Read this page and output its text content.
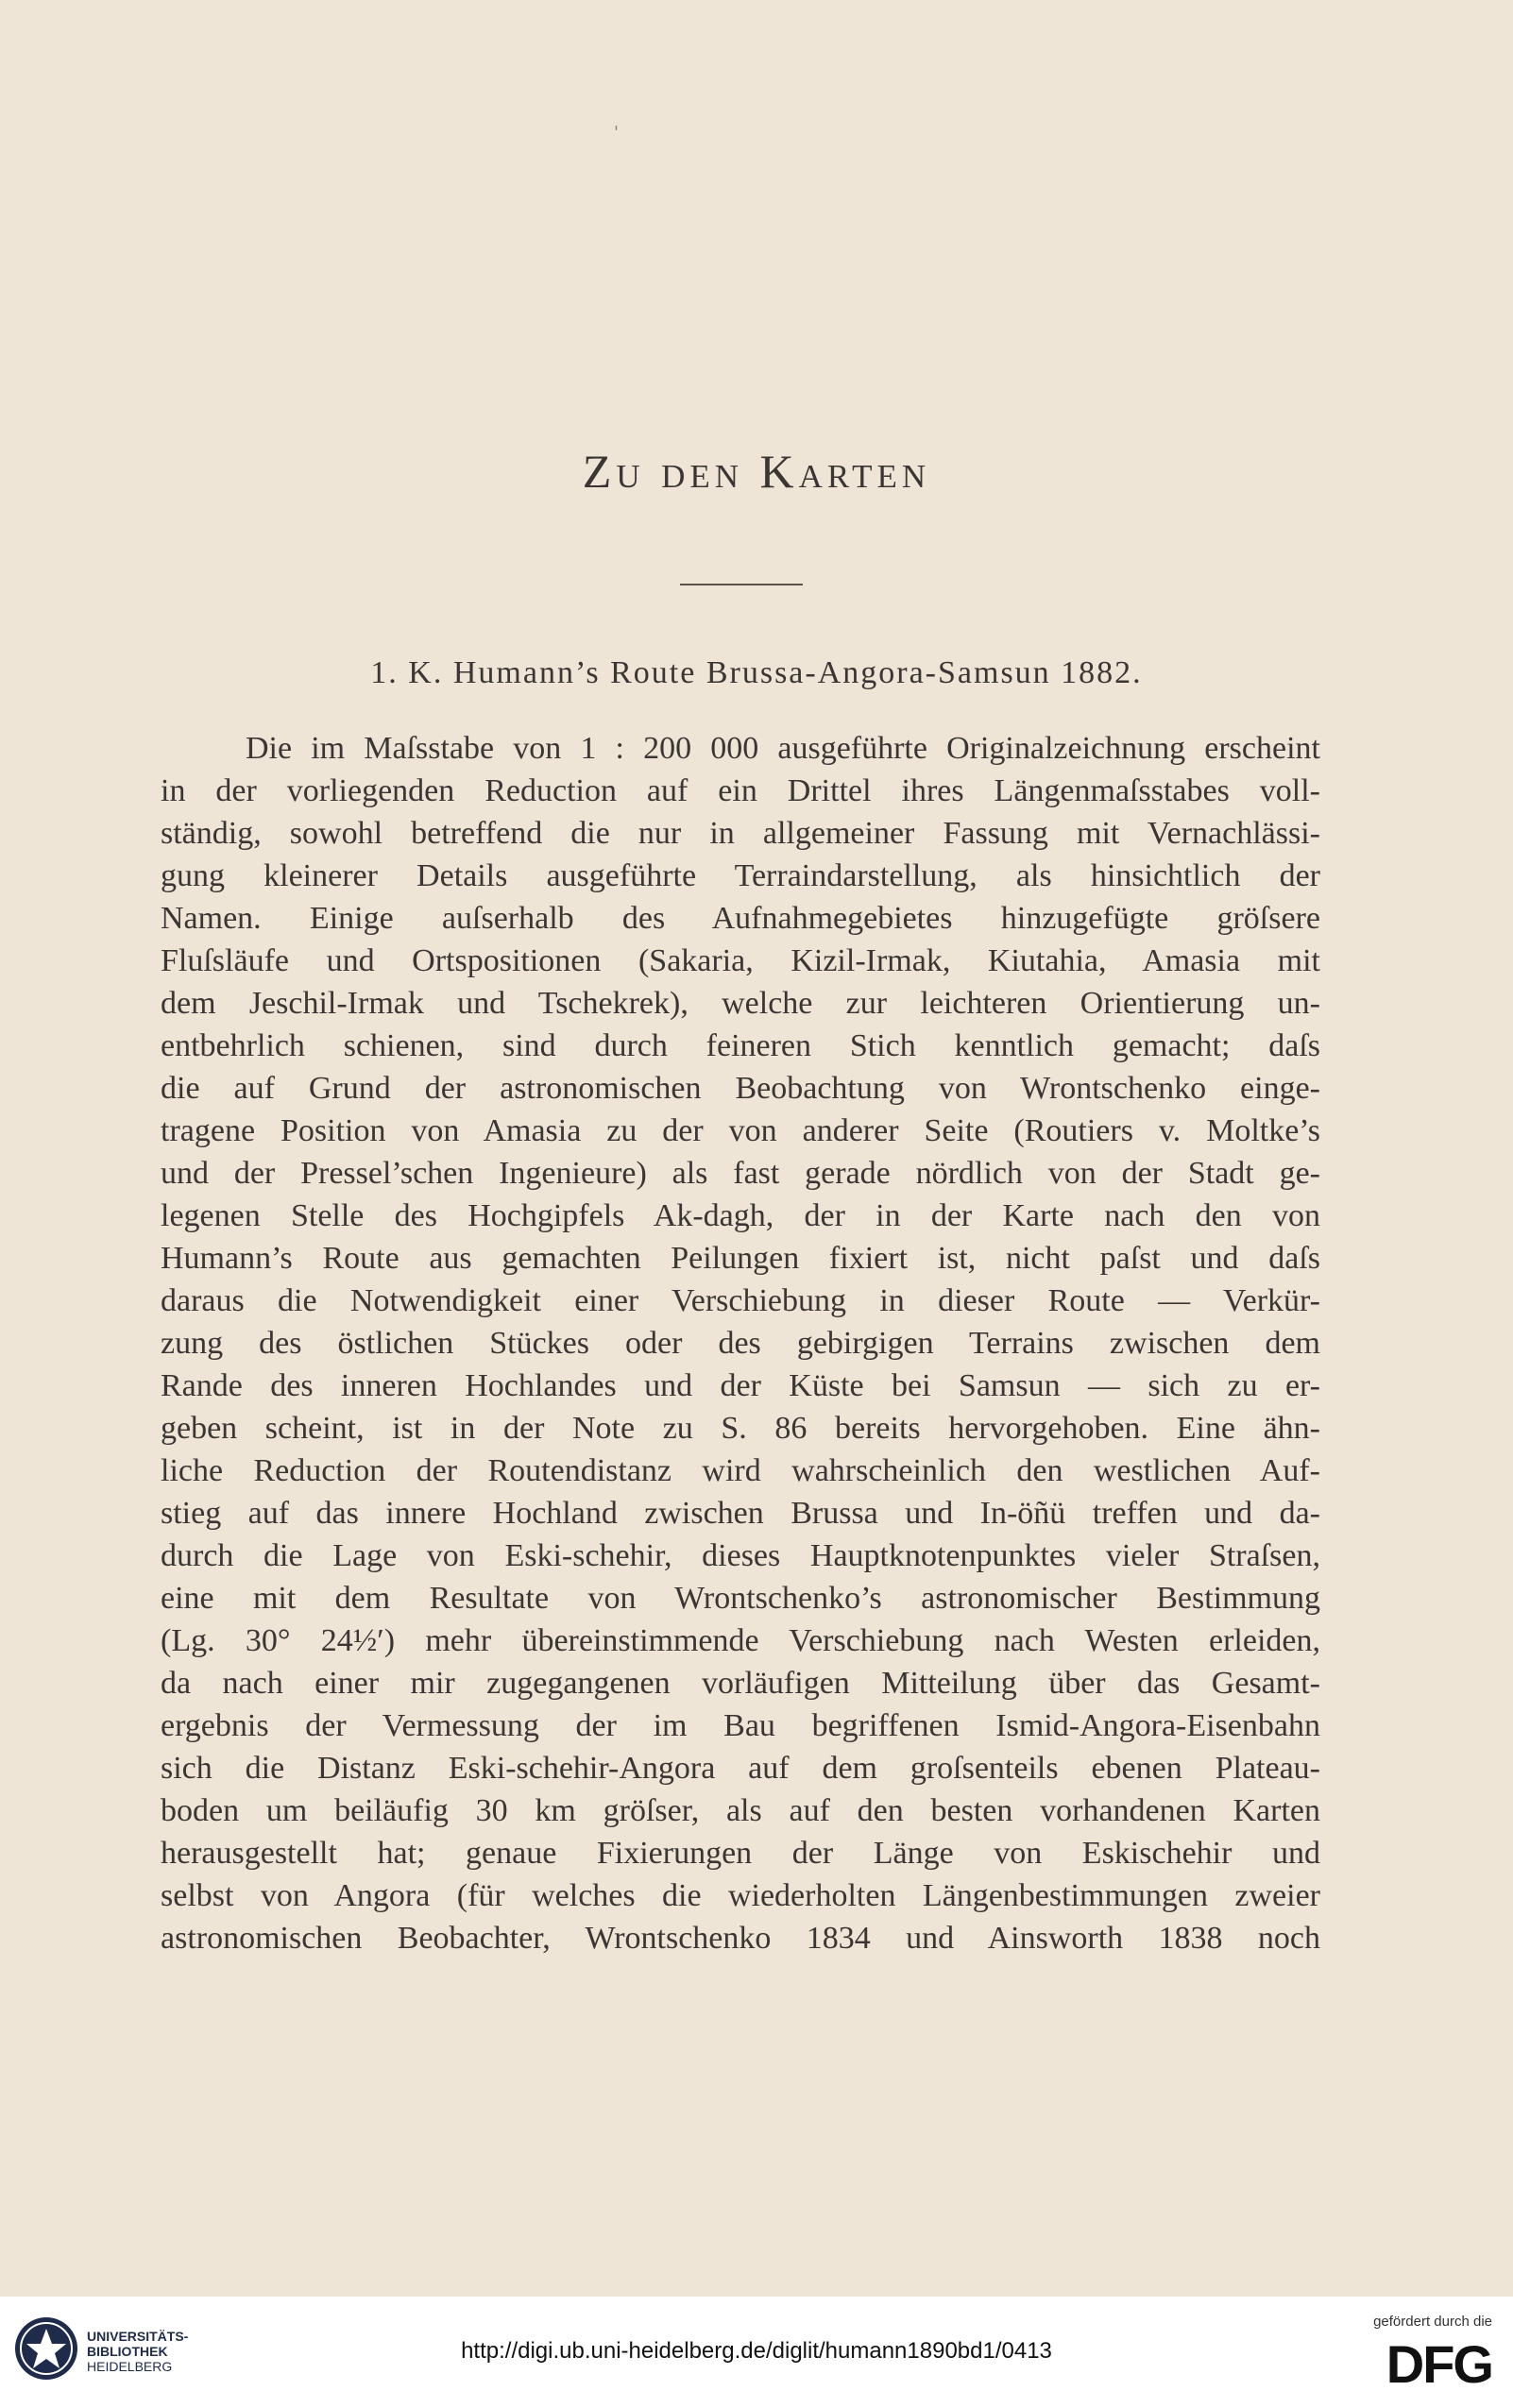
'
Zu den Karten
1. K. Humann’s Route Brussa-Angora-Samsun 1882.
Die im Maſsstabe von 1 : 200 000 ausgeführte Originalzeichnung erscheint
in der vorliegenden Reduction auf ein Drittel ihres Längenmaſsstabes voll-
ständig, sowohl betreffend die nur in allgemeiner Fassung mit Vernachlässi-
gung kleinerer Details ausgeführte Terraindarstellung, als hinsichtlich der
Namen. Einige auſserhalb des Aufnahmegebietes hinzugefügte gröſsere
Fluſsläufe und Ortspositionen (Sakaria, Kizil-Irmak, Kiutahia, Amasia mit
dem Jeschil-Irmak und Tschekrek), welche zur leichteren Orientierung un-
entbehrlich schienen, sind durch feineren Stich kenntlich gemacht; daſs
die auf Grund der astronomischen Beobachtung von Wrontschenko einge-
tragene Position von Amasia zu der von anderer Seite (Routiers v. Moltke’s
und der Pressel’schen Ingenieure) als fast gerade nördlich von der Stadt ge-
legenen Stelle des Hochgipfels Ak-dagh, der in der Karte nach den von
Humann’s Route aus gemachten Peilungen fixiert ist, nicht paſst und daſs
daraus die Notwendigkeit einer Verschiebung in dieser Route — Verkür-
zung des östlichen Stückes oder des gebirgigen Terrains zwischen dem
Rande des inneren Hochlandes und der Küste bei Samsun — sich zu er-
geben scheint, ist in der Note zu S. 86 bereits hervorgehoben. Eine ähn-
liche Reduction der Routendistanz wird wahrscheinlich den westlichen Auf-
stieg auf das innere Hochland zwischen Brussa und In-öñü treffen und da-
durch die Lage von Eski-schehir, dieses Hauptknotenpunktes vieler Straſsen,
eine mit dem Resultate von Wrontschenko’s astronomischer Bestimmung
(Lg. 30° 24½′) mehr übereinstimmende Verschiebung nach Westen erleiden,
da nach einer mir zugegangenen vorläufigen Mitteilung über das Gesamt-
ergebnis der Vermessung der im Bau begriffenen Ismid-Angora-Eisenbahn
sich die Distanz Eski-schehir-Angora auf dem groſsenteils ebenen Plateau-
boden um beiläufig 30 km gröſser, als auf den besten vorhandenen Karten
herausgestellt hat; genaue Fixierungen der Länge von Eskischehir und
selbst von Angora (für welches die wiederholten Längenbestimmungen zweier
astronomischen Beobachter, Wrontschenko 1834 und Ainsworth 1838 noch
UNIVERSITÄTS-
BIBLIOTHEK
HEIDELBERG
http://digi.ub.uni-heidelberg.de/diglit/humann1890bd1/0413
gefördert durch die
DFG
